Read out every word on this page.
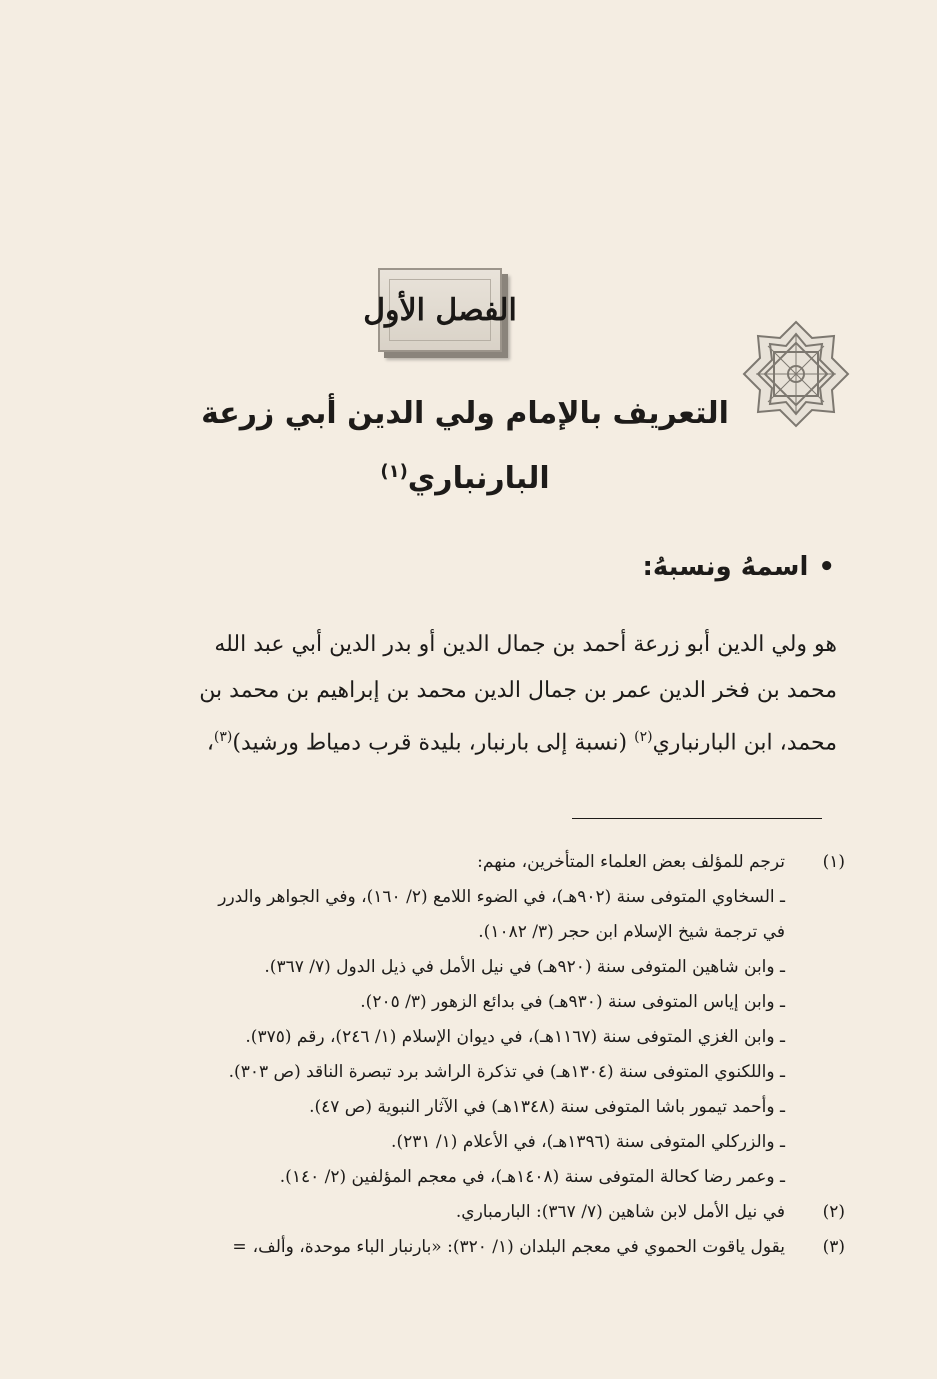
الفصل الأول
التعريف بالإمام ولي الدين أبي زرعة
البارنباري$^{(١)}$
•اسمهُ ونسبهُ:
هو ولي الدين أبو زرعة أحمد بن جمال الدين أو بدر الدين أبي عبد الله
محمد بن فخر الدين عمر بن جمال الدين محمد بن إبراهيم بن محمد بن
محمد، ابن البارنباري$^{(٢)}$ (نسبة إلى بارنبار، بليدة قرب دمياط ورشيد)$^{(٣)}$،
(١)
ترجم للمؤلف بعض العلماء المتأخرين، منهم:
ـ السخاوي المتوفى سنة (٩٠٢هـ)، في الضوء اللامع (٢/ ١٦٠)، وفي الجواهر والدرر
في ترجمة شيخ الإسلام ابن حجر (٣/ ١٠٨٢).
ـ وابن شاهين المتوفى سنة (٩٢٠هـ) في نيل الأمل في ذيل الدول (٧/ ٣٦٧).
ـ وابن إياس المتوفى سنة (٩٣٠هـ) في بدائع الزهور (٣/ ٢٠٥).
ـ وابن الغزي المتوفى سنة (١١٦٧هـ)، في ديوان الإسلام (١/ ٢٤٦)، رقم (٣٧٥).
ـ واللكنوي المتوفى سنة (١٣٠٤هـ) في تذكرة الراشد برد تبصرة الناقد (ص ٣٠٣).
ـ وأحمد تيمور باشا المتوفى سنة (١٣٤٨هـ) في الآثار النبوية (ص ٤٧).
ـ والزركلي المتوفى سنة (١٣٩٦هـ)، في الأعلام (١/ ٢٣١).
ـ وعمر رضا كحالة المتوفى سنة (١٤٠٨هـ)، في معجم المؤلفين (٢/ ١٤٠).
(٢)
في نيل الأمل لابن شاهين (٧/ ٣٦٧): البارمباري.
(٣)
يقول ياقوت الحموي في معجم البلدان (١/ ٣٢٠): «بارنبار الباء موحدة، وألف،=
